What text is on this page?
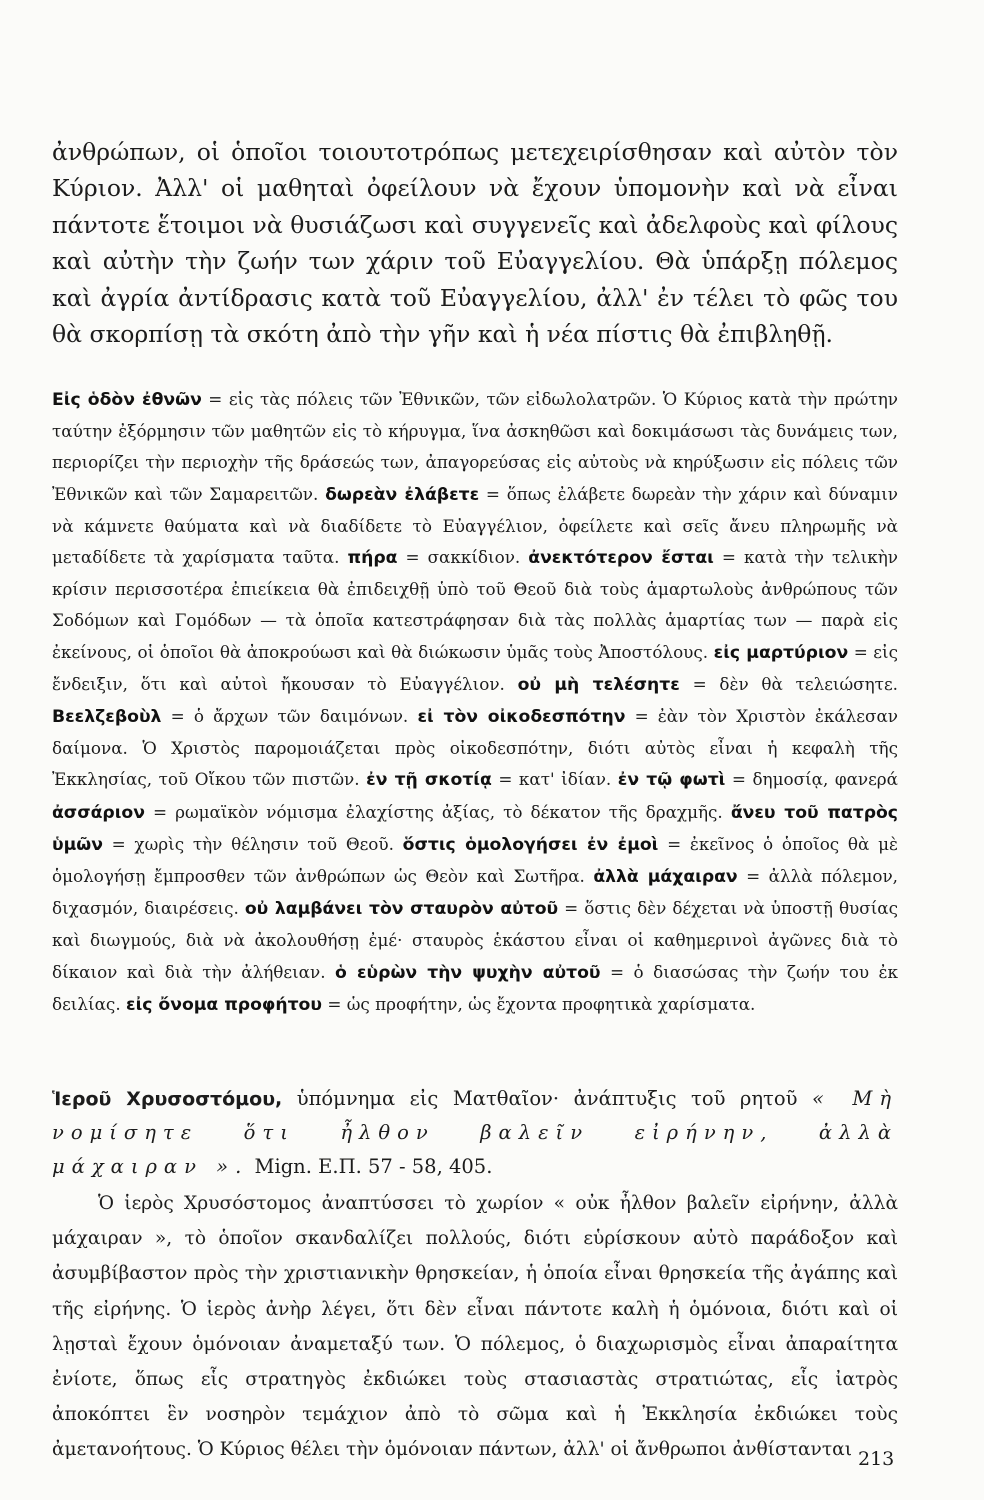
ἀνθρώπων, οἱ ὁποῖοι τοιουτοτρόπως μετεχειρίσθησαν καὶ αὐτὸν τὸν Κύριον. Ἀλλ' οἱ μαθηταὶ ὀφείλουν νὰ ἔχουν ὑπομονὴν καὶ νὰ εἶναι πάντοτε ἕτοιμοι νὰ θυσιάζωσι καὶ συγγενεῖς καὶ ἀδελφοὺς καὶ φίλους καὶ αὐτὴν τὴν ζωήν των χάριν τοῦ Εὐαγγελίου. Θὰ ὑπάρξῃ πόλεμος καὶ ἀγρία ἀντίδρασις κατὰ τοῦ Εὐαγγελίου, ἀλλ' ἐν τέλει τὸ φῶς του θὰ σκορπίσῃ τὰ σκότη ἀπὸ τὴν γῆν καὶ ἡ νέα πίστις θὰ ἐπιβληθῇ.

Εἰς ὁδὸν ἐθνῶν = εἰς τὰς πόλεις τῶν Ἐθνικῶν, τῶν εἰδωλολατρῶν. Ὁ Κύριος κατὰ τὴν πρώτην ταύτην ἐξόρμησιν τῶν μαθητῶν εἰς τὸ κήρυγμα, ἵνα ἀσκηθῶσι καὶ δοκιμάσωσι τὰς δυνάμεις των, περιορίζει τὴν περιοχὴν τῆς δράσεώς των, ἀπαγορεύσας εἰς αὐτοὺς νὰ κηρύξωσιν εἰς πόλεις τῶν Ἐθνικῶν καὶ τῶν Σαμαρειτῶν. δωρεὰν ἐλάβετε = ὅπως ἐλάβετε δωρεὰν τὴν χάριν καὶ δύναμιν νὰ κάμνετε θαύματα καὶ νὰ διαδίδετε τὸ Εὐαγγέλιον, ὀφείλετε καὶ σεῖς ἄνευ πληρωμῆς νὰ μεταδίδετε τὰ χαρίσματα ταῦτα. πήρα = σακκίδιον. ἀνεκτότερον ἔσται = κατὰ τὴν τελικὴν κρίσιν περισσοτέρα ἐπιείκεια θὰ ἐπιδειχθῇ ὑπὸ τοῦ Θεοῦ διὰ τοὺς ἁμαρτωλοὺς ἀνθρώπους τῶν Σοδόμων καὶ Γομόδων — τὰ ὁποῖα κατεστράφησαν διὰ τὰς πολλὰς ἁμαρτίας των — παρὰ εἰς ἐκείνους, οἱ ὁποῖοι θὰ ἀποκρούωσι καὶ θὰ διώκωσιν ὑμᾶς τοὺς Ἀποστόλους. εἰς μαρτύριον = εἰς ἔνδειξιν, ὅτι καὶ αὐτοὶ ἤκουσαν τὸ Εὐαγγέλιον. οὐ μὴ τελέσητε = δὲν θὰ τελειώσητε. Βεελζεβοὺλ = ὁ ἄρχων τῶν δαιμόνων. εἰ τὸν οἰκοδεσπότην = ἐὰν τὸν Χριστὸν ἐκάλεσαν δαίμονα. Ὁ Χριστὸς παρομοιάζεται πρὸς οἰκοδεσπότην, διότι αὐτὸς εἶναι ἡ κεφαλὴ τῆς Ἐκκλησίας, τοῦ Οἴκου τῶν πιστῶν. ἐν τῇ σκοτίᾳ = κατ' ἰδίαν. ἐν τῷ φωτὶ = δημοσίᾳ, φανερά ἀσσάριον = ρωμαϊκὸν νόμισμα ἐλαχίστης ἀξίας, τὸ δέκατον τῆς δραχμῆς. ἄνευ τοῦ πατρὸς ὑμῶν = χωρὶς τὴν θέλησιν τοῦ Θεοῦ. ὅστις ὁμολογήσει ἐν ἐμοὶ = ἐκεῖνος ὁ ὁποῖος θὰ μὲ ὁμολογήσῃ ἔμπροσθεν τῶν ἀνθρώπων ὡς Θεὸν καὶ Σωτῆρα. ἀλλὰ μάχαιραν = ἀλλὰ πόλεμον, διχασμόν, διαιρέσεις. οὐ λαμβάνει τὸν σταυρὸν αὐτοῦ = ὅστις δὲν δέχεται νὰ ὑποστῇ θυσίας καὶ διωγμούς, διὰ νὰ ἀκολουθήσῃ ἐμέ· σταυρὸς ἑκάστου εἶναι οἱ καθημερινοὶ ἀγῶνες διὰ τὸ δίκαιον καὶ διὰ τὴν ἀλήθειαν. ὁ εὑρὼν τὴν ψυχὴν αὐτοῦ = ὁ διασώσας τὴν ζωήν του ἐκ δειλίας. εἰς ὄνομα προφήτου = ὡς προφήτην, ὡς ἔχοντα προφητικὰ χαρίσματα.

Ἱεροῦ Χρυσοστόμου, ὑπόμνημα εἰς Ματθαῖον· ἀνάπτυξις τοῦ ρητοῦ « Μὴ νομίσητε ὅτι ἦλθον βαλεῖν εἰρήνην, ἀλλὰ μάχαιραν ». Mign. Ε.Π. 57 - 58, 405.

Ὁ ἱερὸς Χρυσόστομος ἀναπτύσσει τὸ χωρίον « οὐκ ἦλθον βαλεῖν εἰρήνην, ἀλλὰ μάχαιραν », τὸ ὁποῖον σκανδαλίζει πολλούς, διότι εὑρίσκουν αὐτὸ παράδοξον καὶ ἀσυμβίβαστον πρὸς τὴν χριστιανικὴν θρησκείαν, ἡ ὁποία εἶναι θρησκεία τῆς ἀγάπης καὶ τῆς εἰρήνης. Ὁ ἱερὸς ἀνὴρ λέγει, ὅτι δὲν εἶναι πάντοτε καλὴ ἡ ὁμόνοια, διότι καὶ οἱ λῃσταὶ ἔχουν ὁμόνοιαν ἀναμεταξύ των. Ὁ πόλεμος, ὁ διαχωρισμὸς εἶναι ἀπαραίτητα ἐνίοτε, ὅπως εἷς στρατηγὸς ἐκδιώκει τοὺς στασιαστὰς στρατιώτας, εἷς ἰατρὸς ἀποκόπτει ἓν νοσηρὸν τεμάχιον ἀπὸ τὸ σῶμα καὶ ἡ Ἐκκλησία ἐκδιώκει τοὺς ἀμετανοήτους. Ὁ Κύριος θέλει τὴν ὁμόνοιαν πάντων, ἀλλ' οἱ ἄνθρωποι ἀνθίστανται 213
